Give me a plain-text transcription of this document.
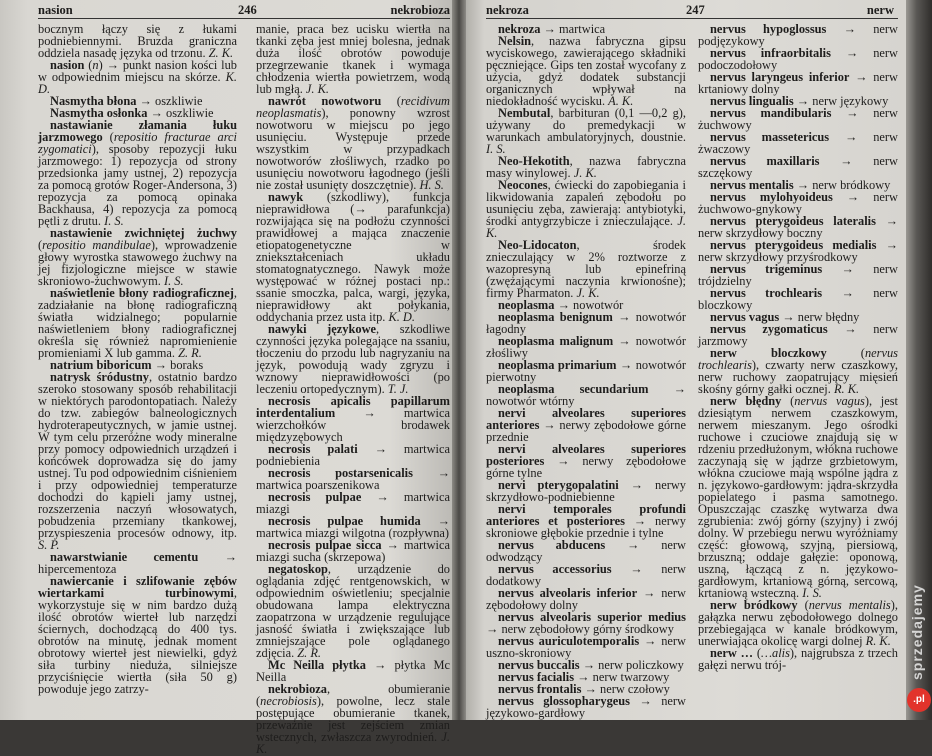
nasion	246	nekrobioza

bocznym łączy się z łukami podniebiennymi. Bruzda graniczna oddziela nasadę języka od trzonu. Z. K.

nasion (n) → punkt nasion kości lub w odpowiednim miejscu na skórze. K. D.

Nasmytha błona → oszkliwie

Nasmytha osłonka → oszkliwie

nastawianie złamania łuku jarzmowego (repositio fracturae arci zygomatici), sposoby repozycji łuku jarzmowego: 1) repozycja od strony przedsionka jamy ustnej, 2) repozycja za pomocą grotów Roger-Andersona, 3) repozycja za pomocą opinaka Backhausa, 4) repozycja za pomocą pętli z drutu. I. S.

nastawienie zwichniętej żuchwy (repositio mandibulae), wprowadzenie głowy wyrostka stawowego żuchwy na jej fizjologiczne miejsce w stawie skroniowo-żuchwowym. I. S.

naświetlenie błony radiograficznej, zadziałanie na błonę radiograficzną światła widzialnego; popularnie naświetleniem błony radiograficznej określa się również napromienienie promieniami X lub gamma. Z. R.

natrium biboricum → boraks

natrysk śródustny, ostatnio bardzo szeroko stosowany sposób rehabilitacji w niektórych parodontopatiach. Należy do tzw. zabiegów balneologicznych hydroterapeutycznych, w jamie ustnej. W tym celu przeróżne wody mineralne przy pomocy odpowiednich urządzeń i końcówek doprowadza się do jamy ustnej. Tu pod odpowiednim ciśnieniem i przy odpowiedniej temperaturze dochodzi do kąpieli jamy ustnej, rozszerzenia naczyń włosowatych, pobudzenia przemiany tkankowej, przyspieszenia procesów odnowy, itp. S. P.

nawarstwianie cementu → hipercementoza

nawiercanie i szlifowanie zębów wiertarkami turbinowymi, wykorzystuje się w nim bardzo dużą ilość obrotów wierteł lub narzędzi ściernych, dochodzącą do 400 tys. obrotów na minutę, jednak moment obrotowy wierteł jest niewielki, gdyż siła turbiny nieduża, silniejsze przyciśnięcie wiertła (siła 50 g) powoduje jego zatrzy-

manie, praca bez ucisku wiertła na tkanki zęba jest mniej bolesna, jednak duża ilość obrotów powoduje przegrzewanie tkanek i wymaga chłodzenia wiertła powietrzem, wodą lub mgłą. J. K.

nawrót nowotworu (recidivum neoplasmatis), ponowny wzrost nowotworu w miejscu po jego usunięciu. Występuje przede wszystkim w przypadkach nowotworów złośliwych, rzadko po usunięciu nowotworu łagodnego (jeśli nie został usunięty doszczętnie). H. S.

nawyk (szkodliwy), funkcja nieprawidłowa (→ parafunkcja) rozwijająca się na podłożu czynności prawidłowej a mająca znaczenie etiopatogenetyczne w zniekształceniach układu stomatognatycznego. Nawyk może występować w różnej postaci np.: ssanie smoczka, palca, wargi, języka, nieprawidłowy akt połykania, oddychania przez usta itp. K. D.

nawyki językowe, szkodliwe czynności języka polegające na ssaniu, tłoczeniu do przodu lub nagryzaniu na język, powodują wady zgryzu i wznowy nieprawidłowości (po leczeniu ortopedycznym). T. J.

necrosis apicalis papillarum interdentalium → martwica wierzchołków brodawek międzyzębowych

necrosis palati → martwica podniebienia

necrosis postarsenicalis → martwica poarszenikowa

necrosis pulpae → martwica miazgi

necrosis pulpae humida → martwica miazgi wilgotna (rozpływna)

necrosis pulpae sicca → martwica miazgi sucha (skrzepowa)

negatoskop, urządzenie do oglądania zdjęć rentgenowskich, w odpowiednim oświetleniu; specjalnie obudowana lampa elektryczna zaopatrzona w urządzenie regulujące jasność światła i zwiększające lub zmniejszające pole oglądanego zdjęcia. Z. R.

Mc Neilla płytka → płytka Mc Neilla

nekrobioza, obumieranie (necrobiosis), powolne, lecz stale postępujące obumieranie tkanek, przeważnie jest zejściem zmian wstecznych, zwłaszcza zwyrodnień. J. K.

nekroza	247	nerw

nekroza → martwica

Nelsin, nazwa fabryczna gipsu wyciskowego, zawierającego składniki pęczniejące. Gips ten został wycofany z użycia, gdyż dodatek substancji organicznych wpływał na niedokładność wycisku. A. K.

Nembutal, barbituran (0,1 —0,2 g), używany do premedykacji w warunkach ambulatoryjnych, doustnie. I. S.

Neo-Hekotith, nazwa fabryczna masy winylowej. J. K.

Neocones, ćwiecki do zapobiegania i likwidowania zapaleń zębodołu po usunięciu zęba, zawierają: antybiotyki, środki antygrzybicze i znieczulające. J. K.

Neo-Lidocaton, środek znieczulający w 2% roztworze z wazopresyną lub epinefriną (zwężającymi naczynia krwionośne); firmy Pharmaton. J. K.

neoplasma → nowotwór

neoplasma benignum → nowotwór łagodny

neoplasma malignum → nowotwór złośliwy

neoplasma primarium → nowotwór pierwotny

neoplasma secundarium → nowotwór wtórny

nervi alveolares superiores anteriores → nerwy zębodołowe górne przednie

nervi alveolares superiores posteriores → nerwy zębodołowe górne tylne

nervi pterygopalatini → nerwy skrzydłowo-podniebienne

nervi temporales profundi anteriores et posteriores → nerwy skroniowe głębokie przednie i tylne

nervus abducens → nerw odwodzący

nervus accessorius → nerw dodatkowy

nervus alveolaris inferior → nerw zębodołowy dolny

nervus alveolaris superior medius → nerw zębodołowy górny środkowy

nervus auriculotemporalis → nerw uszno-skroniowy

nervus buccalis → nerw policzkowy

nervus facialis → nerw twarzowy

nervus frontalis → nerw czołowy

nervus glossopharygeus → nerw językowo-gardłowy

nervus hypoglossus → nerw podjęzykowy

nervus infraorbitalis → nerw podoczodołowy

nervus laryngeus inferior → nerw krtaniowy dolny

nervus lingualis → nerw językowy

nervus mandibularis → nerw żuchwowy

nervus massetericus → nerw żwaczowy

nervus maxillaris → nerw szczękowy

nervus mentalis → nerw bródkowy

nervus mylohyoideus → nerw żuchwowo-gnykowy

nervus pterygoideus lateralis → nerw skrzydłowy boczny

nervus pterygoideus medialis → nerw skrzydłowy przyśrodkowy

nervus trigeminus → nerw trójdzielny

nervus trochlearis → nerw bloczkowy

nervus vagus → nerw błędny

nervus zygomaticus → nerw jarzmowy

nerw bloczkowy (nervus trochlearis), czwarty nerw czaszkowy, nerw ruchowy zaopatrujący mięsień skośny górny gałki ocznej. R. K.

nerw błędny (nervus vagus), jest dziesiątym nerwem czaszkowym, nerwem mieszanym. Jego ośrodki ruchowe i czuciowe znajdują się w rdzeniu przedłużonym, włókna ruchowe zaczynają się w jądrze grzbietowym, włókna czuciowe mają wspólne jądra z n. językowo-gardłowym: jądra-skrzydła popielatego i pasma samotnego. Opuszczając czaszkę wytwarza dwa zgrubienia: zwój górny (szyjny) i zwój dolny. W przebiegu nerwu wyróżniamy część: głowową, szyjną, piersiową, brzuszną; oddaje gałęzie: oponową, uszną, łączącą z n. językowo-gardłowym, krtaniową górną, sercową, krtaniową wsteczną. I. S.

nerw bródkowy (nervus mentalis), gałązka nerwu zębodołowego dolnego przebiegająca w kanale bródkowym, unerwiająca okolicę wargi dolnej R. K.

nerw … (…alis), najgrubsza z trzech gałęzi nerwu trój-	sprzedajemy
.pl
